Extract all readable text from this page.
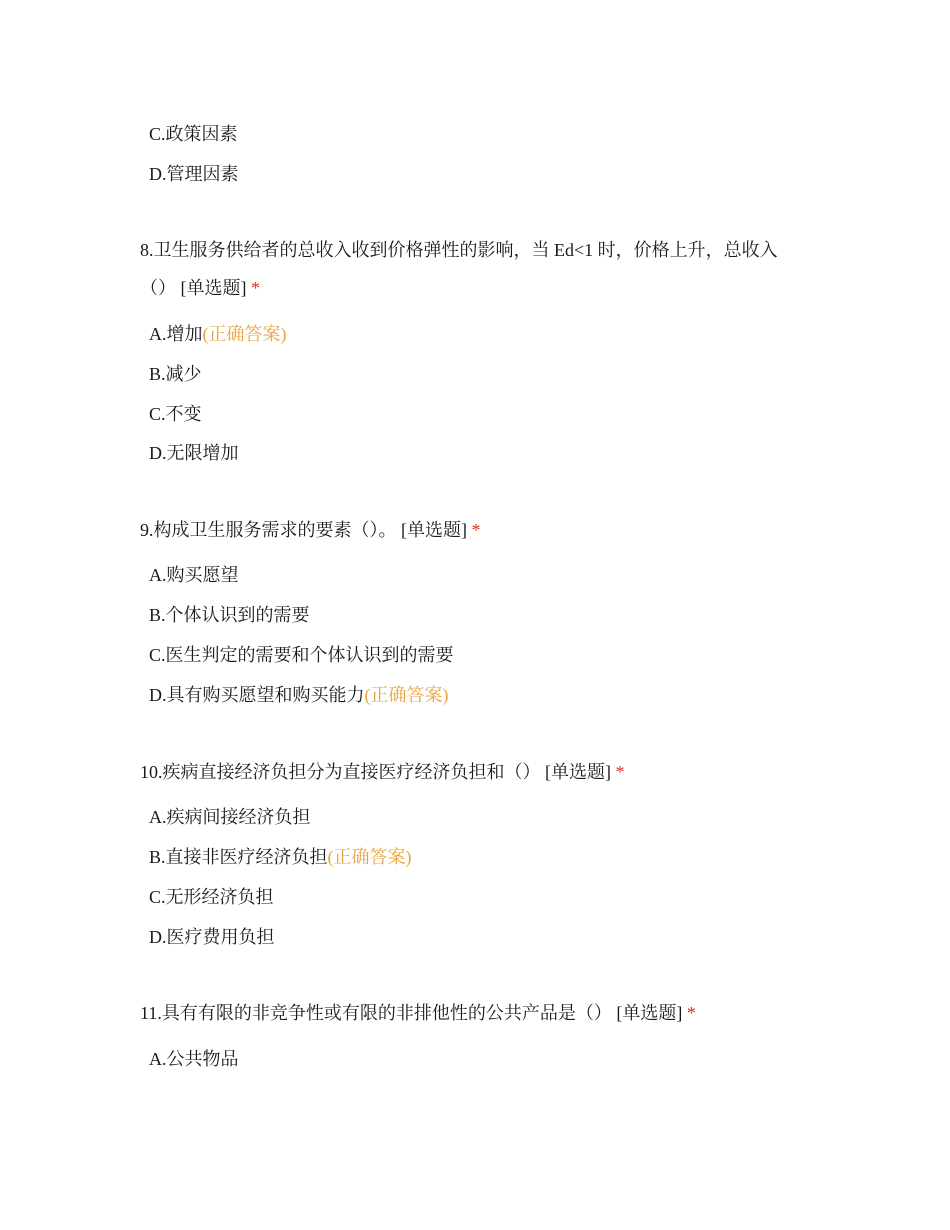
C.政策因素
D.管理因素
8.卫生服务供给者的总收入收到价格弹性的影响，当 Ed<1 时，价格上升，总收入
（） [单选题] *
A.增加(正确答案)
B.减少
C.不变
D.无限增加
9.构成卫生服务需求的要素（）。 [单选题] *
A.购买愿望
B.个体认识到的需要
C.医生判定的需要和个体认识到的需要
D.具有购买愿望和购买能力(正确答案)
10.疾病直接经济负担分为直接医疗经济负担和（） [单选题] *
A.疾病间接经济负担
B.直接非医疗经济负担(正确答案)
C.无形经济负担
D.医疗费用负担
11.具有有限的非竞争性或有限的非排他性的公共产品是（） [单选题] *
A.公共物品
